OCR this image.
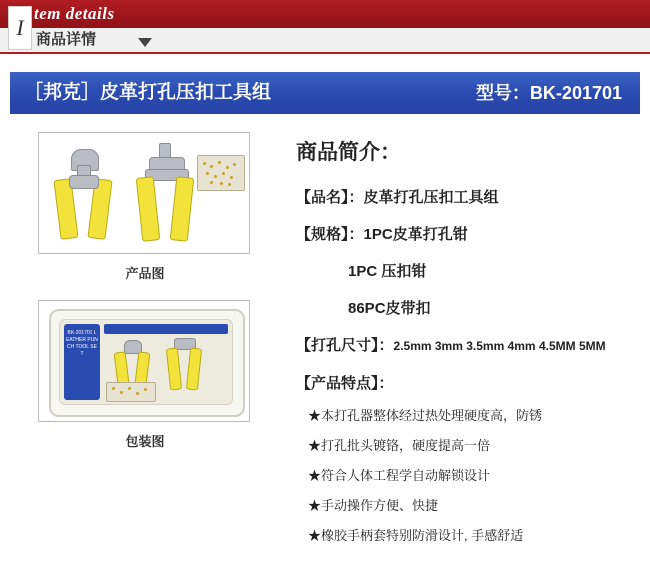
I
tem details
商品详情
［邦克］皮革打孔压扣工具组	型号：BK-201701
产品图
BK-201701 LEATHER PUNCH TOOL SET
包装图
商品简介：
【品名】：皮革打孔压扣工具组
【规格】：1PC皮革打孔钳
1PC 压扣钳
86PC皮带扣
【打孔尺寸】：2.5mm 3mm 3.5mm 4mm 4.5MM 5MM
【产品特点】：
★本打孔器整体经过热处理硬度高，防锈
★打孔批头镀铬，硬度提高一倍
★符合人体工程学自动解锁设计
★手动操作方便、快捷
★橡胶手柄套特别防滑设计, 手感舒适
